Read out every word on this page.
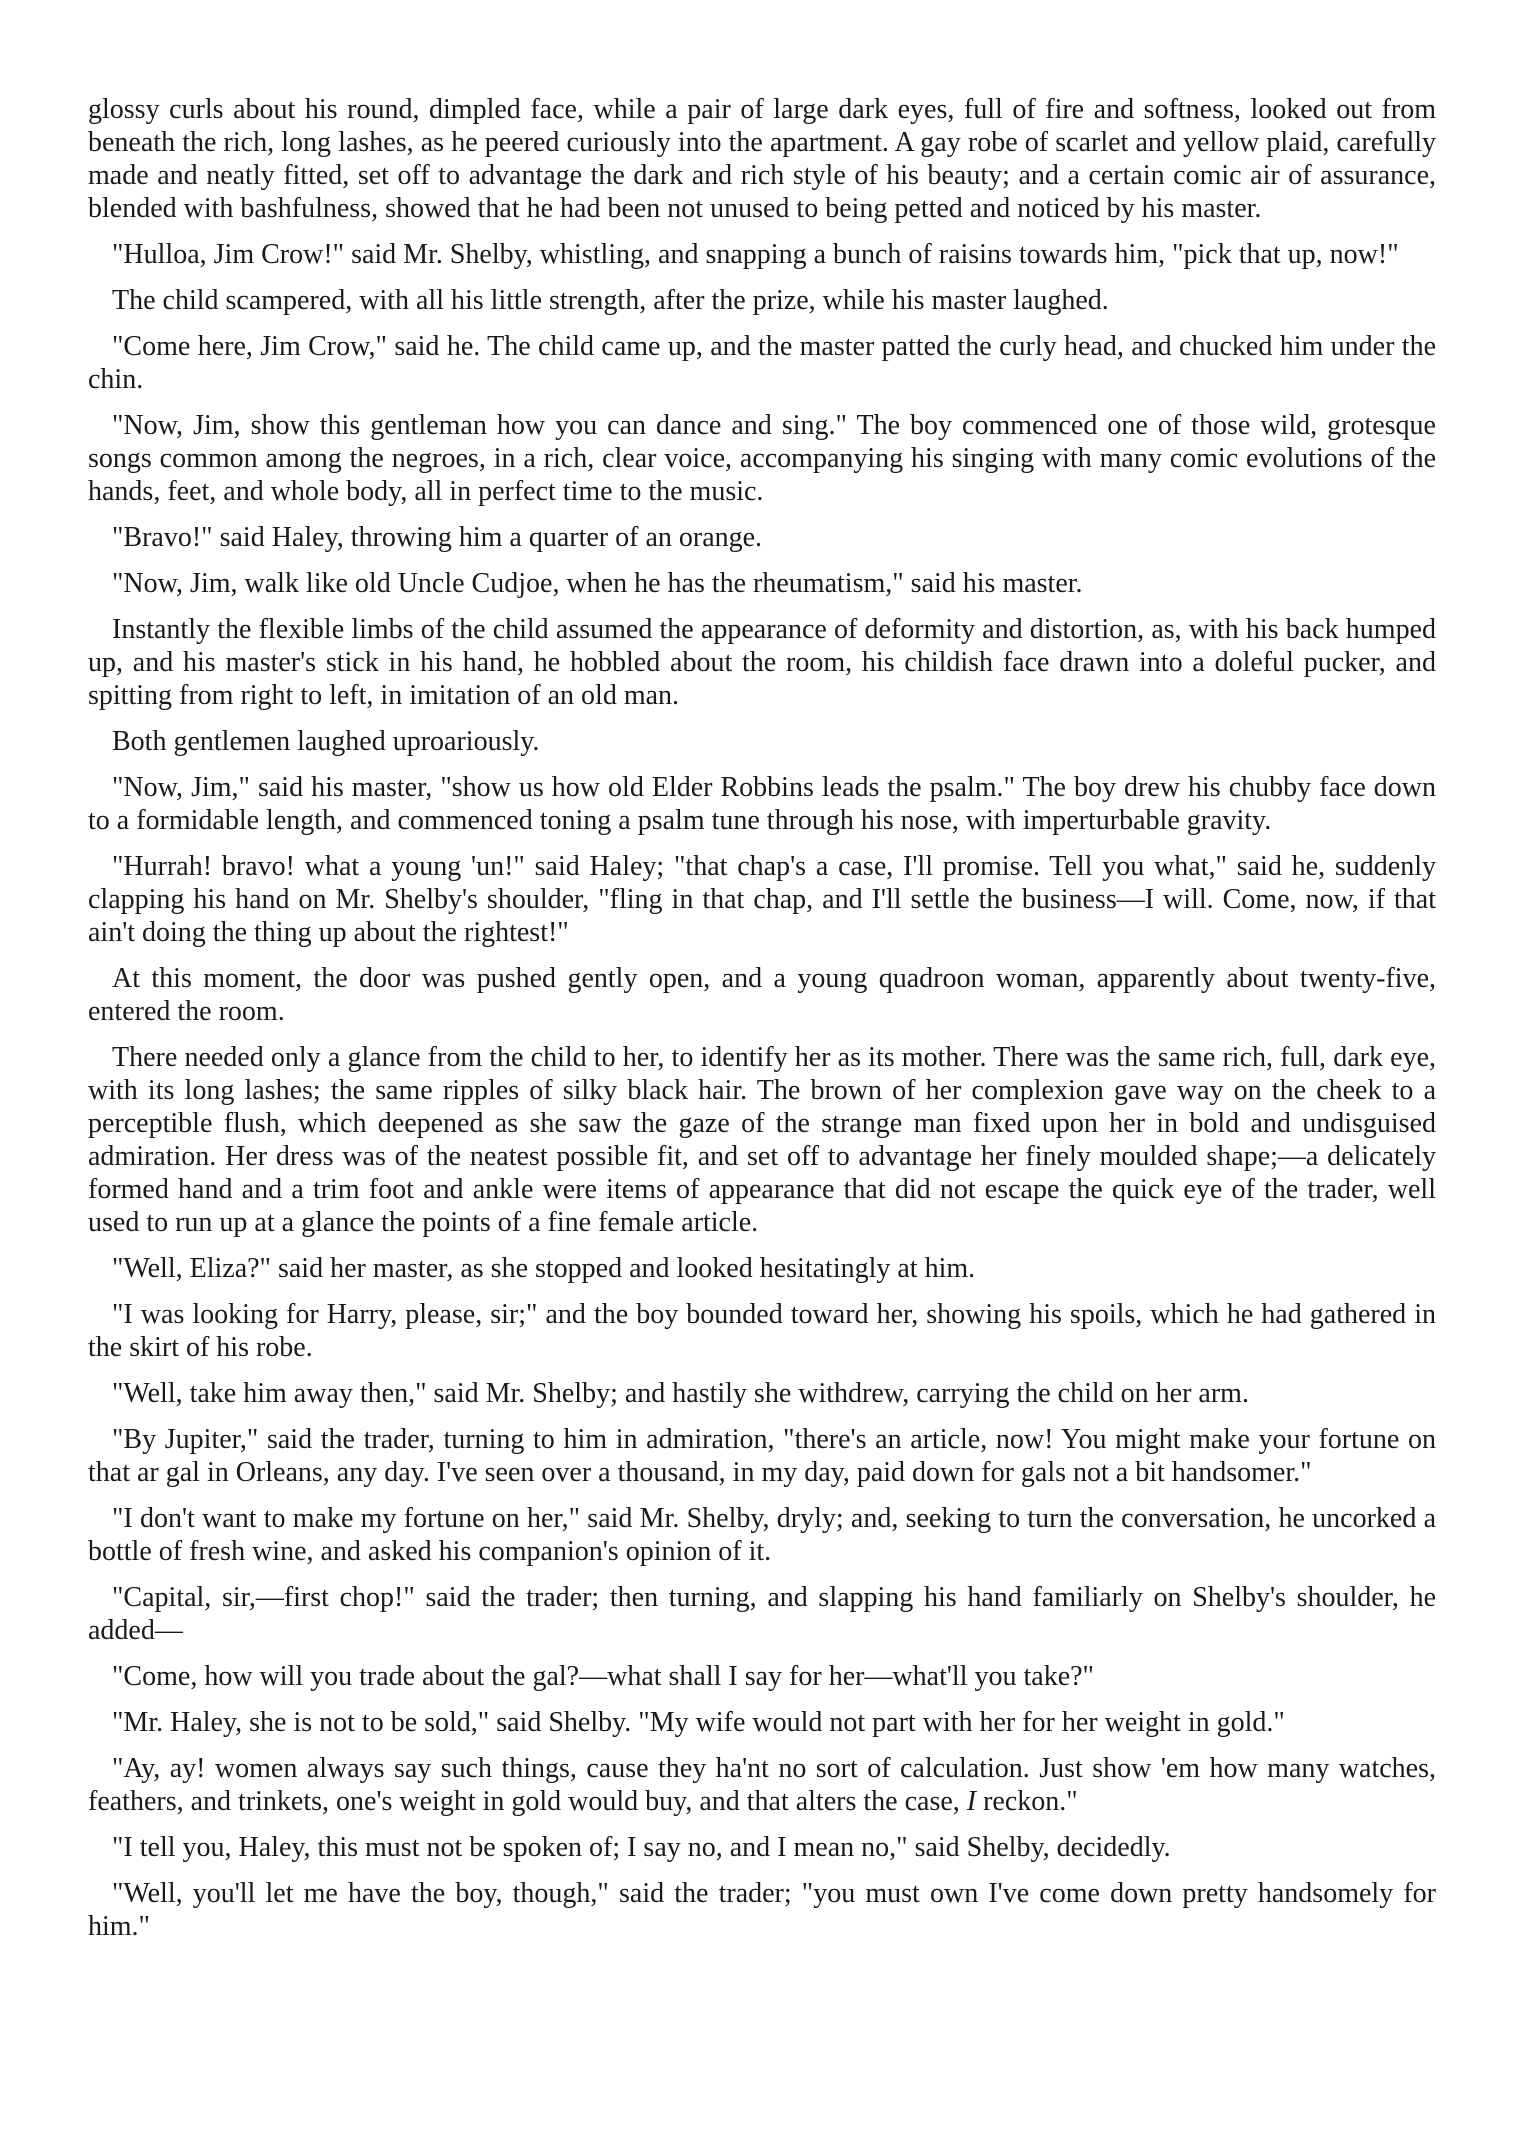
glossy curls about his round, dimpled face, while a pair of large dark eyes, full of fire and softness, looked out from beneath the rich, long lashes, as he peered curiously into the apartment. A gay robe of scarlet and yellow plaid, carefully made and neatly fitted, set off to advantage the dark and rich style of his beauty; and a certain comic air of assurance, blended with bashfulness, showed that he had been not unused to being petted and noticed by his master.

"Hulloa, Jim Crow!" said Mr. Shelby, whistling, and snapping a bunch of raisins towards him, "pick that up, now!"

The child scampered, with all his little strength, after the prize, while his master laughed.

"Come here, Jim Crow," said he. The child came up, and the master patted the curly head, and chucked him under the chin.

"Now, Jim, show this gentleman how you can dance and sing." The boy commenced one of those wild, grotesque songs common among the negroes, in a rich, clear voice, accompanying his singing with many comic evolutions of the hands, feet, and whole body, all in perfect time to the music.

"Bravo!" said Haley, throwing him a quarter of an orange.

"Now, Jim, walk like old Uncle Cudjoe, when he has the rheumatism," said his master.

Instantly the flexible limbs of the child assumed the appearance of deformity and distortion, as, with his back humped up, and his master's stick in his hand, he hobbled about the room, his childish face drawn into a doleful pucker, and spitting from right to left, in imitation of an old man.

Both gentlemen laughed uproariously.

"Now, Jim," said his master, "show us how old Elder Robbins leads the psalm." The boy drew his chubby face down to a formidable length, and commenced toning a psalm tune through his nose, with imperturbable gravity.

"Hurrah! bravo! what a young 'un!" said Haley; "that chap's a case, I'll promise. Tell you what," said he, suddenly clapping his hand on Mr. Shelby's shoulder, "fling in that chap, and I'll settle the business—I will. Come, now, if that ain't doing the thing up about the rightest!"

At this moment, the door was pushed gently open, and a young quadroon woman, apparently about twenty-five, entered the room.

There needed only a glance from the child to her, to identify her as its mother. There was the same rich, full, dark eye, with its long lashes; the same ripples of silky black hair. The brown of her complexion gave way on the cheek to a perceptible flush, which deepened as she saw the gaze of the strange man fixed upon her in bold and undisguised admiration. Her dress was of the neatest possible fit, and set off to advantage her finely moulded shape;—a delicately formed hand and a trim foot and ankle were items of appearance that did not escape the quick eye of the trader, well used to run up at a glance the points of a fine female article.

"Well, Eliza?" said her master, as she stopped and looked hesitatingly at him.

"I was looking for Harry, please, sir;" and the boy bounded toward her, showing his spoils, which he had gathered in the skirt of his robe.

"Well, take him away then," said Mr. Shelby; and hastily she withdrew, carrying the child on her arm.

"By Jupiter," said the trader, turning to him in admiration, "there's an article, now! You might make your fortune on that ar gal in Orleans, any day. I've seen over a thousand, in my day, paid down for gals not a bit handsomer."

"I don't want to make my fortune on her," said Mr. Shelby, dryly; and, seeking to turn the conversation, he uncorked a bottle of fresh wine, and asked his companion's opinion of it.

"Capital, sir,—first chop!" said the trader; then turning, and slapping his hand familiarly on Shelby's shoulder, he added—

"Come, how will you trade about the gal?—what shall I say for her—what'll you take?"

"Mr. Haley, she is not to be sold," said Shelby. "My wife would not part with her for her weight in gold."

"Ay, ay! women always say such things, cause they ha'nt no sort of calculation. Just show 'em how many watches, feathers, and trinkets, one's weight in gold would buy, and that alters the case, I reckon."

"I tell you, Haley, this must not be spoken of; I say no, and I mean no," said Shelby, decidedly.

"Well, you'll let me have the boy, though," said the trader; "you must own I've come down pretty handsomely for him."
